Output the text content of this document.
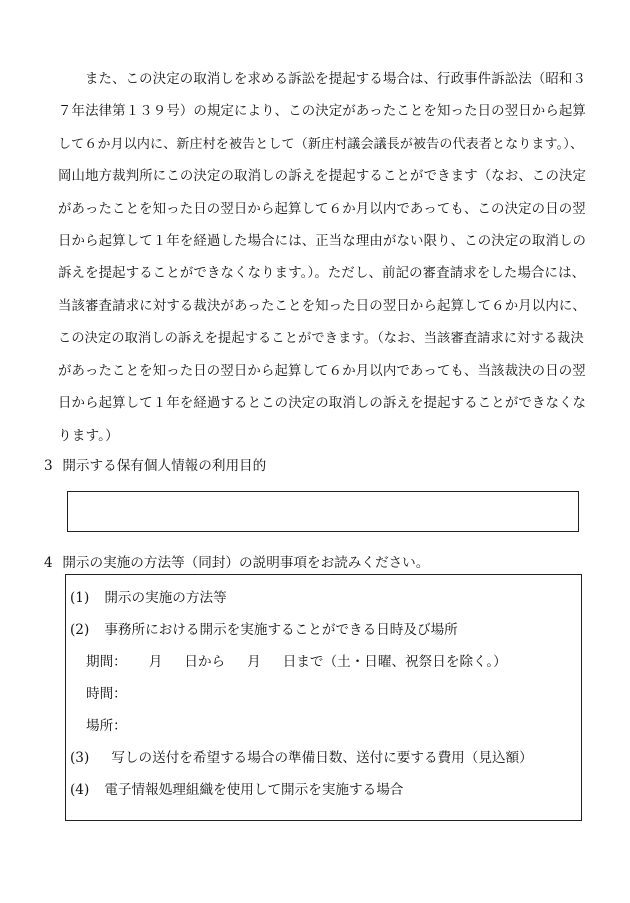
また、この決定の取消しを求める訴訟を提起する場合は、行政事件訴訟法（昭和３
７年法律第１３９号）の規定により、この決定があったことを知った日の翌日から起算
して６か月以内に、新庄村を被告として（新庄村議会議長が被告の代表者となります。）、
岡山地方裁判所にこの決定の取消しの訴えを提起することができます（なお、この決定
があったことを知った日の翌日から起算して６か月以内であっても、この決定の日の翌
日から起算して１年を経過した場合には、正当な理由がない限り、この決定の取消しの
訴えを提起することができなくなります。）。ただし、前記の審査請求をした場合には、
当該審査請求に対する裁決があったことを知った日の翌日から起算して６か月以内に、
この決定の取消しの訴えを提起することができます。（なお、当該審査請求に対する裁決
があったことを知った日の翌日から起算して６か月以内であっても、当該裁決の日の翌
日から起算して１年を経過するとこの決定の取消しの訴えを提起することができなくな
ります。）
3 開示する保有個人情報の利用目的
4 開示の実施の方法等（同封）の説明事項をお読みください。
(1) 開示の実施の方法等
(2) 事務所における開示を実施することができる日時及び場所
期間： 月 日から 月 日まで（土・日曜、祝祭日を除く。）
時間：
場所：
(3) 写しの送付を希望する場合の準備日数、送付に要する費用（見込額）
(4) 電子情報処理組織を使用して開示を実施する場合
